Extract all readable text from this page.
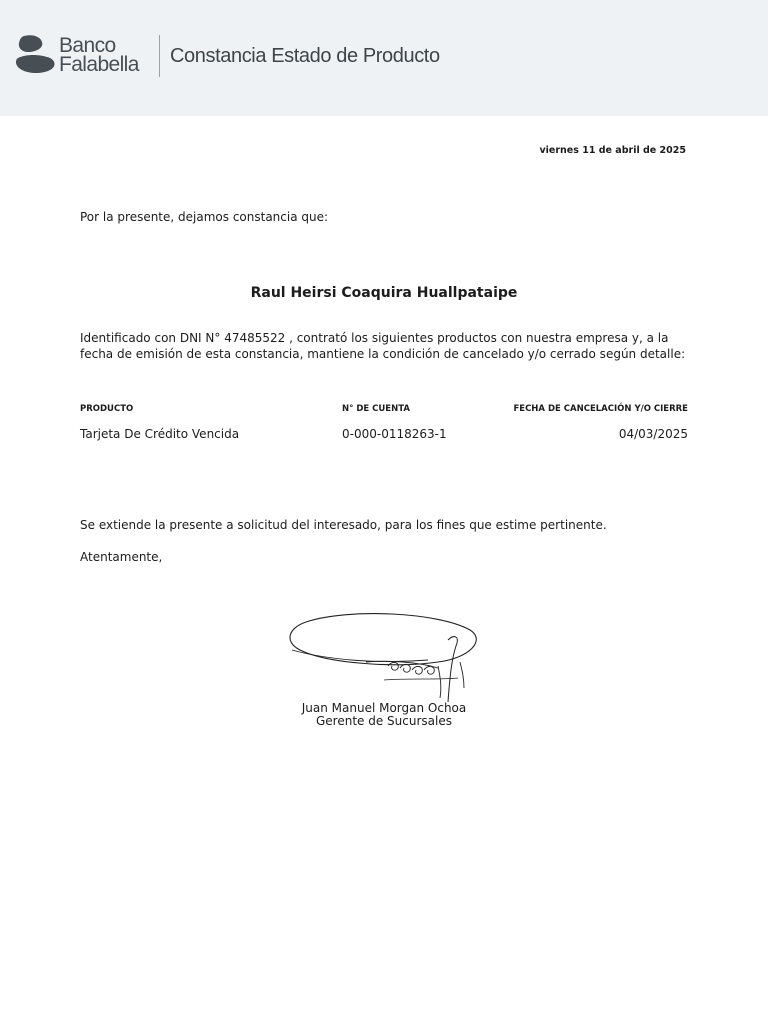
Banco
Falabella Constancia Estado de Producto
viernes 11 de abril de 2025
Por la presente, dejamos constancia que:
Raul Heirsi Coaquira Huallpataipe
Identificado con DNI N° 47485522 , contrató los siguientes productos con nuestra empresa y, a la fecha de emisión de esta constancia, mantiene la condición de cancelado y/o cerrado según detalle:
PRODUCTO	N° DE CUENTA	FECHA DE CANCELACIÓN Y/O CIERRE
Tarjeta De Crédito Vencida	0-000-0118263-1	04/03/2025
Se extiende la presente a solicitud del interesado, para los fines que estime pertinente.
Atentamente,
Juan Manuel Morgan Ochoa
Gerente de Sucursales
